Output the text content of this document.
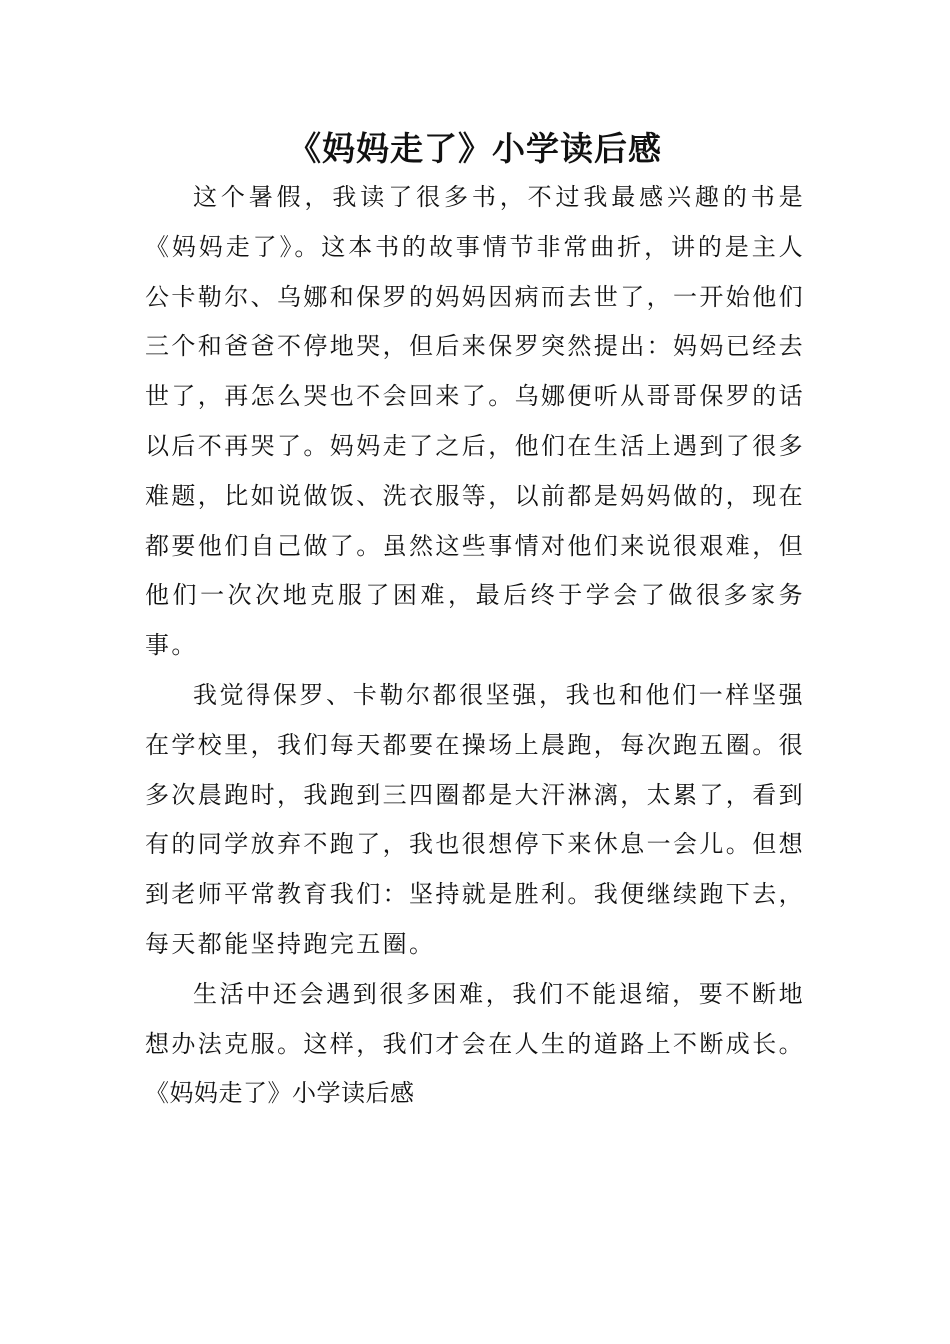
《妈妈走了》小学读后感

这个暑假，我读了很多书，不过我最感兴趣的书是《妈妈走了》。这本书的故事情节非常曲折，讲的是主人公卡勒尔、乌娜和保罗的妈妈因病而去世了，一开始他们三个和爸爸不停地哭，但后来保罗突然提出：妈妈已经去世了，再怎么哭也不会回来了。乌娜便听从哥哥保罗的话以后不再哭了。妈妈走了之后，他们在生活上遇到了很多难题，比如说做饭、洗衣服等，以前都是妈妈做的，现在都要他们自己做了。虽然这些事情对他们来说很艰难，但他们一次次地克服了困难，最后终于学会了做很多家务事。

我觉得保罗、卡勒尔都很坚强，我也和他们一样坚强在学校里，我们每天都要在操场上晨跑，每次跑五圈。很多次晨跑时，我跑到三四圈都是大汗淋漓，太累了，看到有的同学放弃不跑了，我也很想停下来休息一会儿。但想到老师平常教育我们：坚持就是胜利。我便继续跑下去，每天都能坚持跑完五圈。

生活中还会遇到很多困难，我们不能退缩，要不断地想办法克服。这样，我们才会在人生的道路上不断成长。

《妈妈走了》小学读后感
